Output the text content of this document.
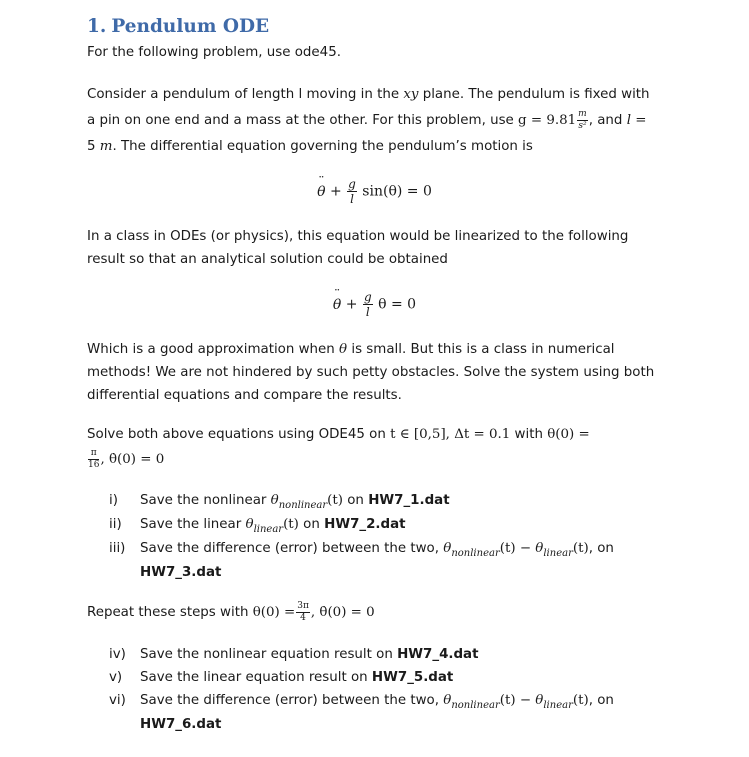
1. Pendulum ODE

For the following problem, use ode45.

Consider a pendulum of length l moving in the xy plane. The pendulum is fixed with
a pin on one end and a mass at the other. For this problem, use $g = 9.81 \frac{m}{\text{s²}}$ , and l =
5 m. The differential equation governing the pendulum’s motion is

¨ $\theta + \frac{g}{l} \sin(\theta) = 0$

In a class in ODEs (or physics), this equation would be linearized to the following
result so that an analytical solution could be obtained

¨ $\theta + \frac{g}{l}$ θ = 0

Which is a good approximation when θ is small. But this is a class in numerical
methods! We are not hindered by such petty obstacles. Solve the system using both
differential equations and compare the results.

Solve both above equations using ODE45 on t ∈ [0,5], Δt = 0.1 with θ(0) =

$\frac{\pi}{16}$ , θ̇(0) = 0

i) Save the nonlinear $\theta_{nonlinear}(t)$ on HW7_1.dat
ii) Save the linear $\theta_{linear}(t)$ on HW7_2.dat
iii) Save the difference (error) between the two, $\theta_{nonlinear}(t) - \theta_{linear}(t)$, on
HW7_3.dat

Repeat these steps with $\theta(0) = \frac{3\pi}{4}$ , θ̇(0) = 0

iv) Save the nonlinear equation result on HW7_4.dat
v) Save the linear equation result on HW7_5.dat
vi) Save the difference (error) between the two, $\theta_{nonlinear}(t) - \theta_{linear}(t)$, on
HW7_6.dat
